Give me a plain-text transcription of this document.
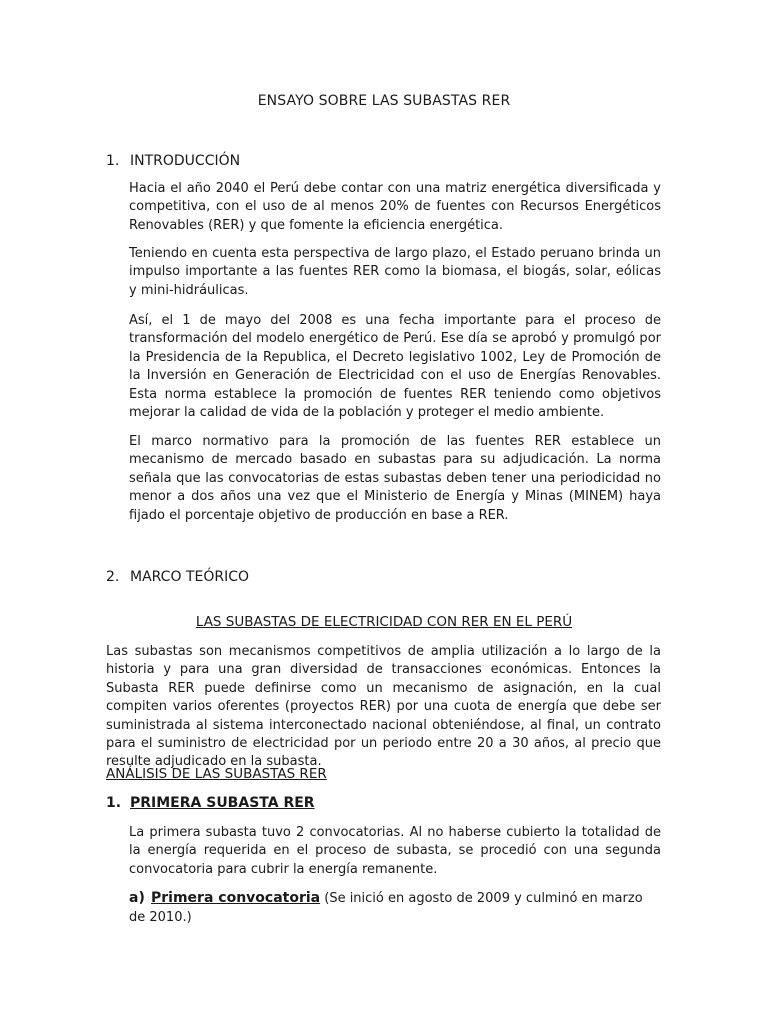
ENSAYO SOBRE LAS SUBASTAS RER
1. INTRODUCCIÓN

Hacia el año 2040 el Perú debe contar con una matriz energética diversificada y competitiva, con el uso de al menos 20% de fuentes con Recursos Energéticos Renovables (RER) y que fomente la eficiencia energética.

Teniendo en cuenta esta perspectiva de largo plazo, el Estado peruano brinda un impulso importante a las fuentes RER como la biomasa, el biogás, solar, eólicas y mini-hidráulicas.

Así, el 1 de mayo del 2008 es una fecha importante para el proceso de transformación del modelo energético de Perú. Ese día se aprobó y promulgó por la Presidencia de la Republica, el Decreto legislativo 1002, Ley de Promoción de la Inversión en Generación de Electricidad con el uso de Energías Renovables. Esta norma establece la promoción de fuentes RER teniendo como objetivos mejorar la calidad de vida de la población y proteger el medio ambiente.

El marco normativo para la promoción de las fuentes RER establece un mecanismo de mercado basado en subastas para su adjudicación. La norma señala que las convocatorias de estas subastas deben tener una periodicidad no menor a dos años una vez que el Ministerio de Energía y Minas (MINEM) haya fijado el porcentaje objetivo de producción en base a RER.

2. MARCO TEÓRICO
LAS SUBASTAS DE ELECTRICIDAD CON RER EN EL PERÚ

Las subastas son mecanismos competitivos de amplia utilización a lo largo de la historia y para una gran diversidad de transacciones económicas. Entonces la Subasta RER puede definirse como un mecanismo de asignación, en la cual compiten varios oferentes (proyectos RER) por una cuota de energía que debe ser suministrada al sistema interconectado nacional obteniéndose, al final, un contrato para el suministro de electricidad por un periodo entre 20 a 30 años, al precio que resulte adjudicado en la subasta.

ANÁLISIS DE LAS SUBASTAS RER
1. PRIMERA SUBASTA RER

La primera subasta tuvo 2 convocatorias. Al no haberse cubierto la totalidad de la energía requerida en el proceso de subasta, se procedió con una segunda convocatoria para cubrir la energía remanente.

a) Primera convocatoria (Se inició en agosto de 2009 y culminó en marzo de 2010.)
